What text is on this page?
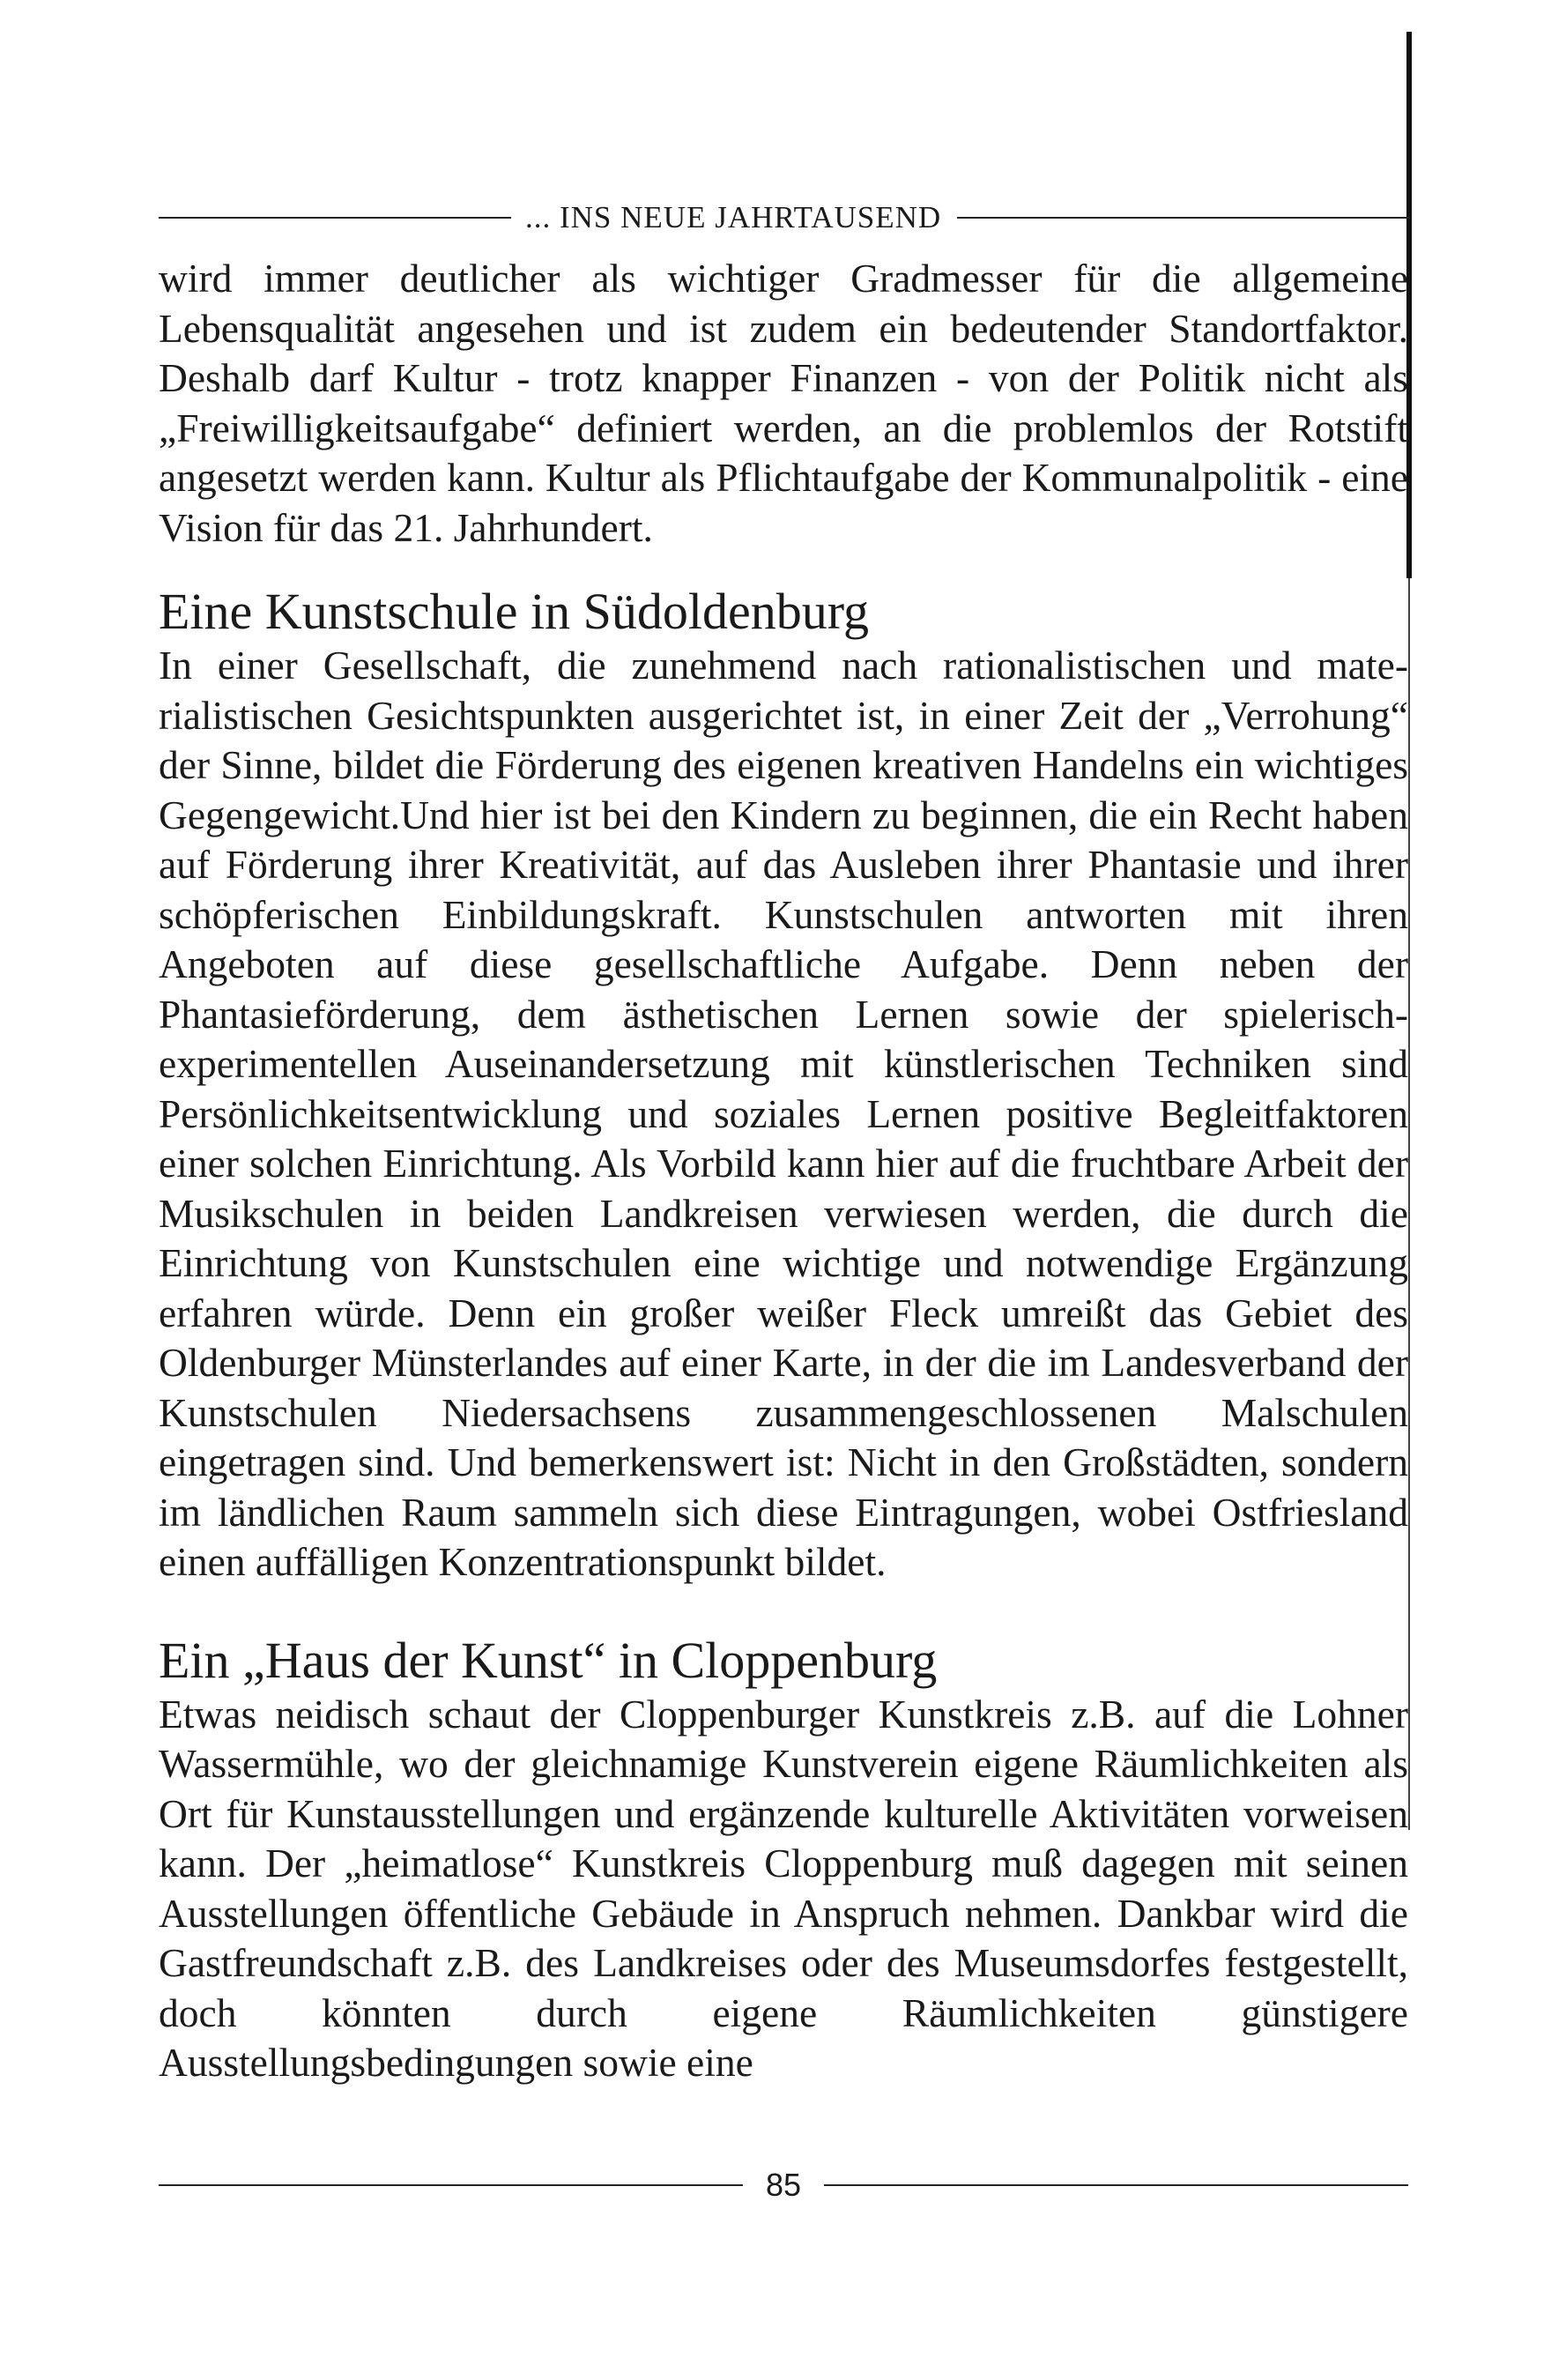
... INS NEUE JAHRTAUSEND

wird immer deutlicher als wichtiger Gradmesser für die allgemeine Lebensqualität angesehen und ist zudem ein bedeutender Standortfaktor. Deshalb darf Kultur - trotz knapper Finanzen - von der Politik nicht als „Freiwilligkeitsaufgabe“ definiert werden, an die problemlos der Rotstift angesetzt werden kann. Kultur als Pflichtaufgabe der Kommunalpolitik - eine Vision für das 21. Jahrhundert.

Eine Kunstschule in Südoldenburg

In einer Gesellschaft, die zunehmend nach rationalistischen und materialistischen Gesichtspunkten ausgerichtet ist, in einer Zeit der „Verrohung“ der Sinne, bildet die Förderung des eigenen kreativen Handelns ein wichtiges Gegengewicht.Und hier ist bei den Kindern zu beginnen, die ein Recht haben auf Förderung ihrer Kreativität, auf das Ausleben ihrer Phantasie und ihrer schöpferischen Einbildungskraft. Kunstschulen antworten mit ihren Angeboten auf diese gesellschaftliche Aufgabe. Denn neben der Phantasieförderung, dem ästhetischen Lernen sowie der spielerisch-experimentellen Auseinandersetzung mit künstlerischen Techniken sind Persönlichkeitsentwicklung und soziales Lernen positive Begleitfaktoren einer solchen Einrichtung. Als Vorbild kann hier auf die fruchtbare Arbeit der Musikschulen in beiden Landkreisen verwiesen werden, die durch die Einrichtung von Kunstschulen eine wichtige und notwendige Ergänzung erfahren würde. Denn ein großer weißer Fleck umreißt das Gebiet des Oldenburger Münsterlandes auf einer Karte, in der die im Landesverband der Kunstschulen Niedersachsens zusammengeschlossenen Malschulen eingetragen sind. Und bemerkenswert ist: Nicht in den Großstädten, sondern im ländlichen Raum sammeln sich diese Eintragungen, wobei Ostfriesland einen auffälligen Konzentrationspunkt bildet.

Ein „Haus der Kunst“ in Cloppenburg

Etwas neidisch schaut der Cloppenburger Kunstkreis z.B. auf die Lohner Wassermühle, wo der gleichnamige Kunstverein eigene Räumlichkeiten als Ort für Kunstausstellungen und ergänzende kulturelle Aktivitäten vorweisen kann. Der „heimatlose“ Kunstkreis Cloppenburg muß dagegen mit seinen Ausstellungen öffentliche Gebäude in Anspruch nehmen. Dankbar wird die Gastfreundschaft z.B. des Landkreises oder des Museumsdorfes festgestellt, doch könnten durch eigene Räumlichkeiten günstigere Ausstellungsbedingungen sowie eine

85
